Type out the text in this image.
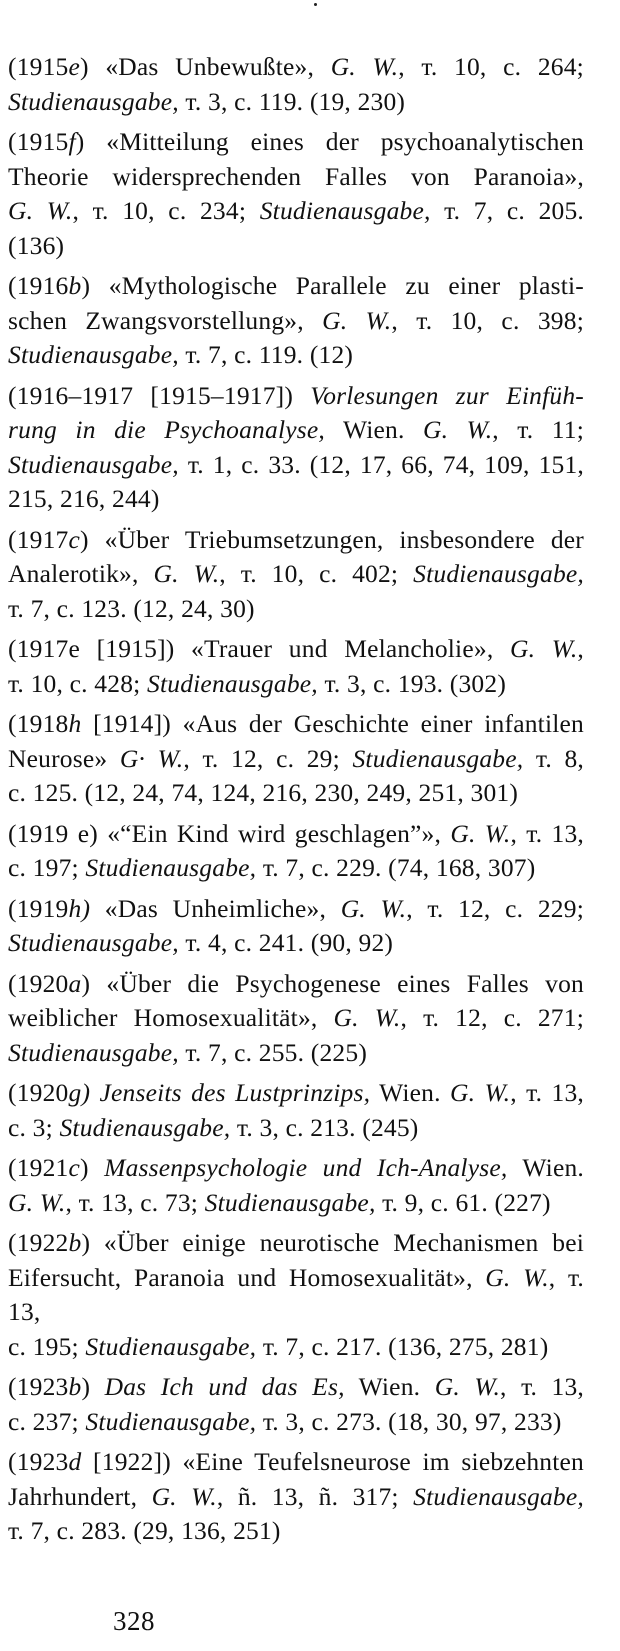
(1915e) «Das Unbewußte», G. W., т. 10, с. 264;
Studienausgabe, т. 3, с. 119. (19, 230)
(1915f) «Mitteilung eines der psychoanalytischen
Theorie widersprechenden Falles von Paranoia»,
G. W., т. 10, с. 234; Studienausgabe, т. 7, с. 205.
(136)
(1916b) «Mythologische Parallele zu einer plasti-
schen Zwangsvorstellung», G. W., т. 10, с. 398;
Studienausgabe, т. 7, с. 119. (12)
(1916–1917 [1915–1917]) Vorlesungen zur Einfüh-
rung in die Psychoanalyse, Wien. G. W., т. 11;
Studienausgabe, т. 1, с. 33. (12, 17, 66, 74, 109, 151,
215, 216, 244)
(1917c) «Über Triebumsetzungen, insbesondere der
Analerotik», G. W., т. 10, с. 402; Studienausgabe,
т. 7, с. 123. (12, 24, 30)
(1917e [1915]) «Trauer und Melancholie», G. W.,
т. 10, с. 428; Studienausgabe, т. 3, с. 193. (302)
(1918h [1914]) «Aus der Geschichte einer infantilen
Neurose» G· W., т. 12, с. 29; Studienausgabe, т. 8,
с. 125. (12, 24, 74, 124, 216, 230, 249, 251, 301)
(1919 e) «“Ein Kind wird geschlagen”», G. W., т. 13,
с. 197; Studienausgabe, т. 7, с. 229. (74, 168, 307)
(1919h) «Das Unheimliche», G. W., т. 12, с. 229;
Studienausgabe, т. 4, с. 241. (90, 92)
(1920a) «Über die Psychogenese eines Falles von
weiblicher Homosexualität», G. W., т. 12, с. 271;
Studienausgabe, т. 7, с. 255. (225)
(1920g) Jenseits des Lustprinzips, Wien. G. W., т. 13,
с. 3; Studienausgabe, т. 3, с. 213. (245)
(1921c) Massenpsychologie und Ich-Analyse, Wien.
G. W., т. 13, с. 73; Studienausgabe, т. 9, с. 61. (227)
(1922b) «Über einige neurotische Mechanismen bei
Eifersucht, Paranoia und Homosexualität», G. W., т. 13,
с. 195; Studienausgabe, т. 7, с. 217. (136, 275, 281)
(1923b) Das Ich und das Es, Wien. G. W., т. 13,
с. 237; Studienausgabe, т. 3, с. 273. (18, 30, 97, 233)
(1923d [1922]) «Eine Teufelsneurose im siebzehnten
Jahrhundert, G. W., ñ. 13, ñ. 317; Studienausgabe,
т. 7, с. 283. (29, 136, 251)
328
